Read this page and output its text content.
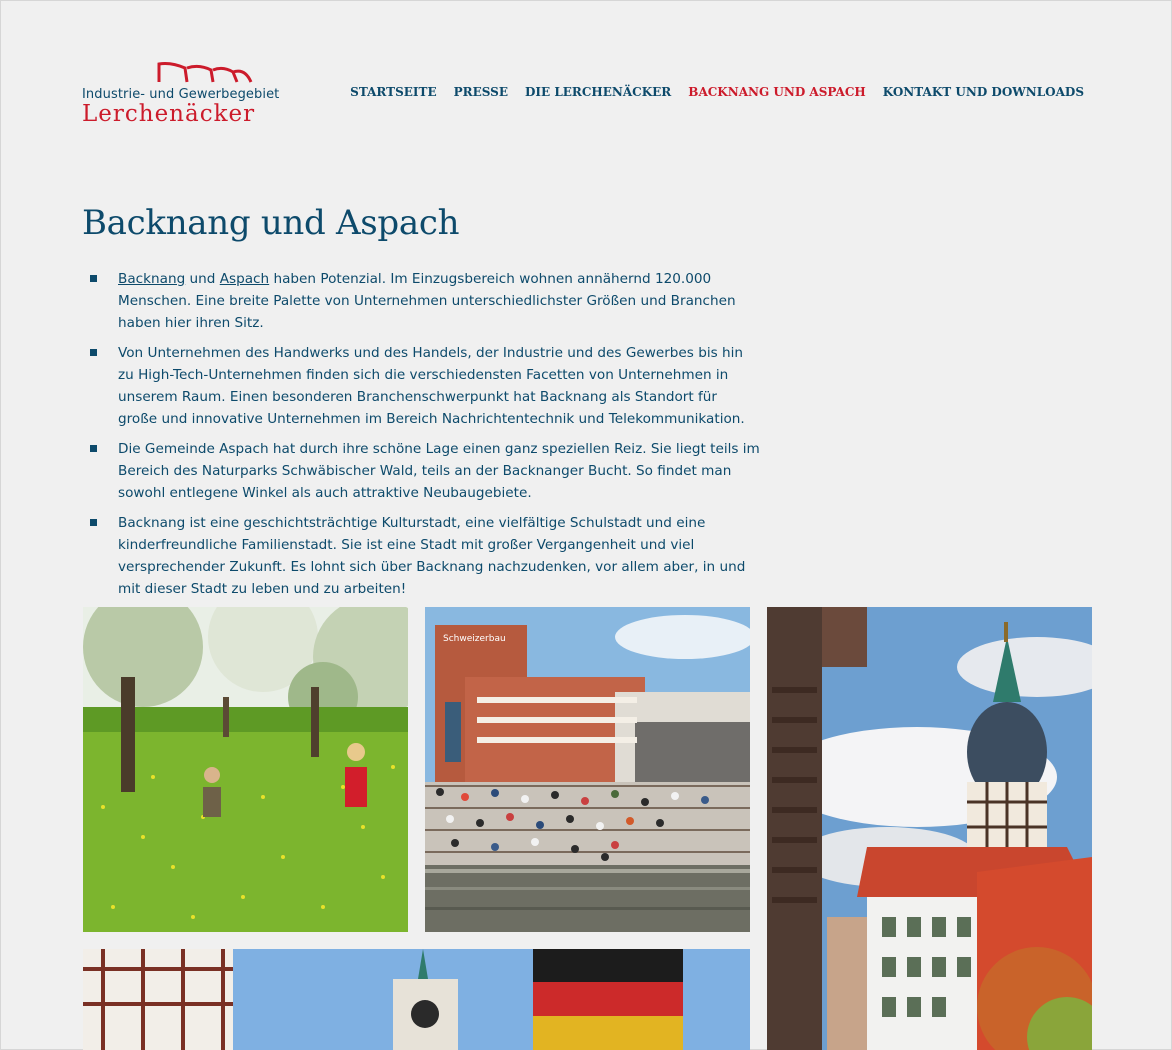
Industrie- und Gewerbegebiet
Lerchenäcker
STARTSEITE PRESSE DIE LERCHENÄCKER BACKNANG UND ASPACH KONTAKT UND DOWNLOADS
Backnang und Aspach
Backnang und Aspach haben Potenzial. Im Einzugsbereich wohnen annähernd 120.000 Menschen. Eine breite Palette von Unternehmen unterschiedlichster Größen und Branchen haben hier ihren Sitz.
Von Unternehmen des Handwerks und des Handels, der Industrie und des Gewerbes bis hin zu High-Tech-Unternehmen finden sich die verschiedensten Facetten von Unternehmen in unserem Raum. Einen besonderen Branchenschwerpunkt hat Backnang als Standort für große und innovative Unternehmen im Bereich Nachrichtentechnik und Telekommunikation.
Die Gemeinde Aspach hat durch ihre schöne Lage einen ganz speziellen Reiz. Sie liegt teils im Bereich des Naturparks Schwäbischer Wald, teils an der Backnanger Bucht. So findet man sowohl entlegene Winkel als auch attraktive Neubaugebiete.
Backnang ist eine geschichtsträchtige Kulturstadt, eine vielfältige Schulstadt und eine kinderfreundliche Familienstadt. Sie ist eine Stadt mit großer Vergangenheit und viel versprechender Zukunft. Es lohnt sich über Backnang nachzudenken, vor allem aber, in und mit dieser Stadt zu leben und zu arbeiten!
Schweizerbau
